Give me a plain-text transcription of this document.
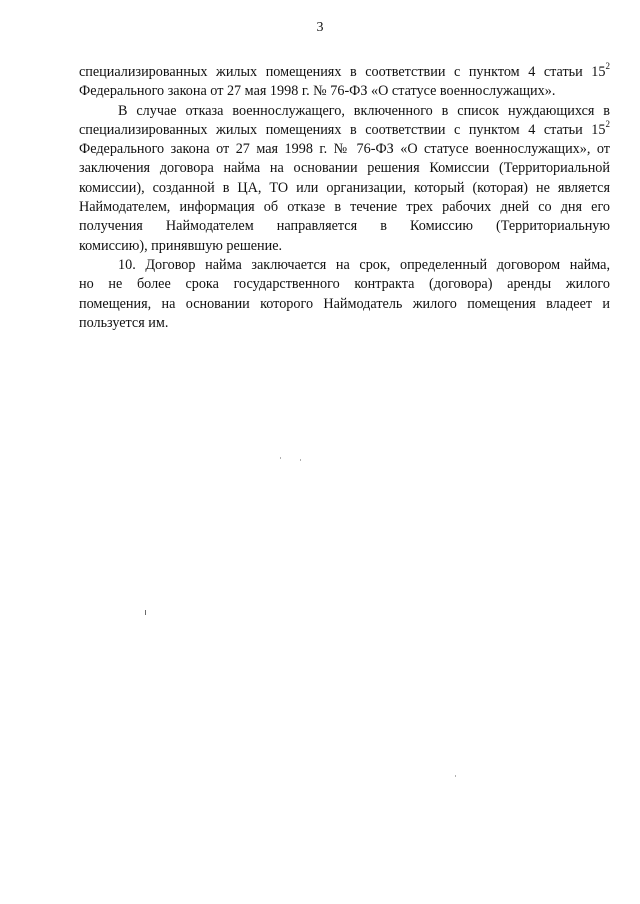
3
специализированных жилых помещениях в соответствии с пунктом 4 статьи $15^2$
Федерального закона от 27 мая 1998 г. № 76-ФЗ «О статусе военнослужащих».
В случае отказа военнослужащего, включенного в список нуждающихся в
специализированных жилых помещениях в соответствии с пунктом 4 статьи $15^2$
Федерального закона от 27 мая 1998 г. № 76-ФЗ «О статусе военнослужащих», от
заключения договора найма на основании решения Комиссии (Территориальной
комиссии), созданной в ЦА, ТО или организации, который (которая) не является
Наймодателем, информация об отказе в течение трех рабочих дней со дня его
получения Наймодателем направляется в Комиссию (Территориальную
комиссию), принявшую решение.
10. Договор найма заключается на срок, определенный договором найма,
но не более срока государственного контракта (договора) аренды жилого
помещения, на основании которого Наймодатель жилого помещения владеет и
пользуется им.
